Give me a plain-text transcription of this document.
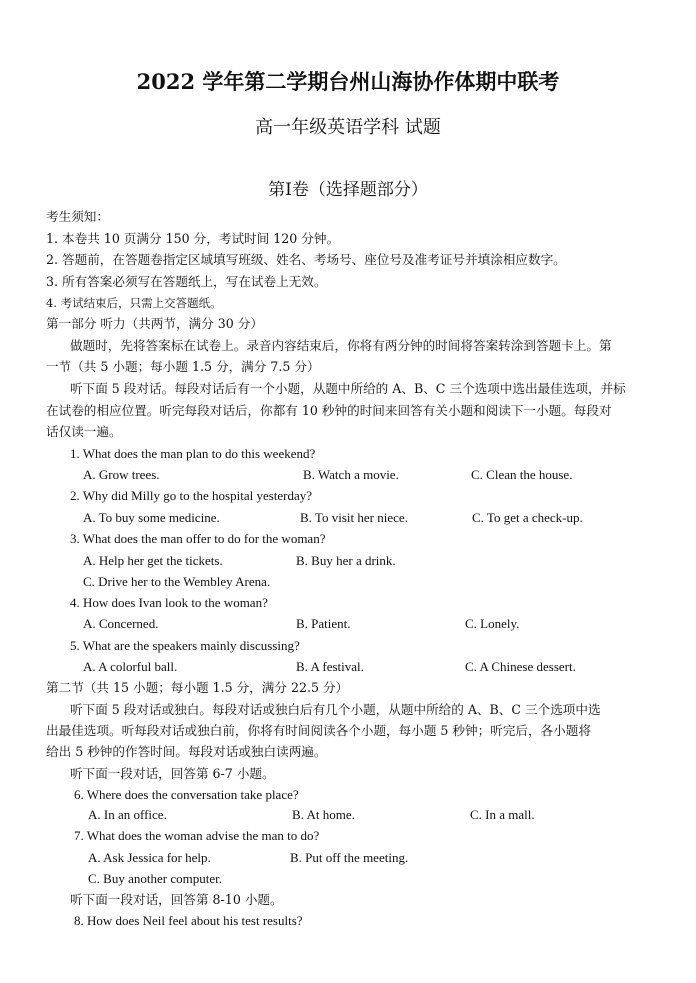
2022 学年第二学期台州山海协作体期中联考
高一年级英语学科 试题
第Ⅰ卷（选择题部分）
考生须知：
1. 本卷共 10 页满分 150 分，考试时间 120 分钟。
2. 答题前，在答题卷指定区域填写班级、姓名、考场号、座位号及准考证号并填涂相应数字。
3. 所有答案必须写在答题纸上，写在试卷上无效。
4. 考试结束后，只需上交答题纸。
第一部分 听力（共两节，满分 30 分）
做题时，先将答案标在试卷上。录音内容结束后，你将有两分钟的时间将答案转涂到答题卡上。第
一节（共 5 小题；每小题 1.5 分，满分 7.5 分）
听下面 5 段对话。每段对话后有一个小题，从题中所给的 A、B、C 三个选项中选出最佳选项，并标
在试卷的相应位置。听完每段对话后，你都有 10 秒钟的时间来回答有关小题和阅读下一小题。每段对
话仅读一遍。
1. What does the man plan to do this weekend?
A. Grow trees.	B. Watch a movie.	C. Clean the house.
2. Why did Milly go to the hospital yesterday?
A. To buy some medicine.	B. To visit her niece.	C. To get a check-up.
3. What does the man offer to do for the woman?
A. Help her get the tickets.	B. Buy her a drink.
C. Drive her to the Wembley Arena.
4. How does Ivan look to the woman?
A. Concerned.	B. Patient.	C. Lonely.
5. What are the speakers mainly discussing?
A. A colorful ball.	B. A festival.	C. A Chinese dessert.
第二节（共 15 小题；每小题 1.5 分，满分 22.5 分）
听下面 5 段对话或独白。每段对话或独白后有几个小题，从题中所给的 A、B、C 三个选项中选
出最佳选项。听每段对话或独白前，你将有时间阅读各个小题，每小题 5 秒钟；听完后，各小题将
给出 5 秒钟的作答时间。每段对话或独白读两遍。
听下面一段对话，回答第 6-7 小题。
6. Where does the conversation take place?
A. In an office.	B. At home.	C. In a mall.
7. What does the woman advise the man to do?
A. Ask Jessica for help.	B. Put off the meeting.
C. Buy another computer.
听下面一段对话，回答第 8-10 小题。
8. How does Neil feel about his test results?
